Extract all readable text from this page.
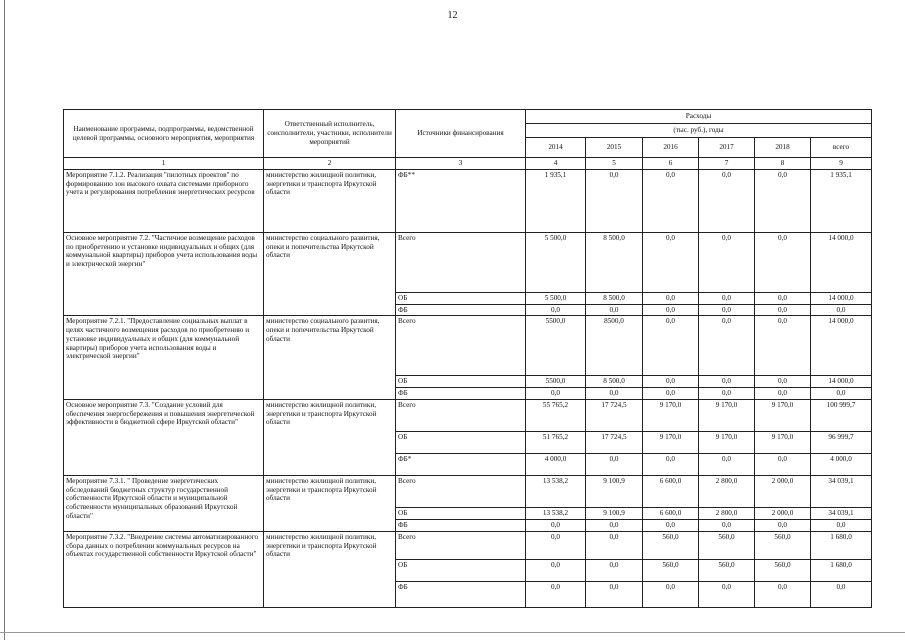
12
Наименование программы, подпрограммы, ведомственной целевой программы, основного мероприятия, мероприятия	Ответственный исполнитель, соисполнители, участники, исполнители мероприятий	Источники финансирования	Расходы					
			(тыс. руб.), годы					
			2014	2015	2016	2017	2018	всего
1	2	3	4	5	6	7	8	9
Мероприятие 7.1.2. Реализация "пилотных проектов" по формированию зон высокого охвата системами приборного учета и регулирования потребления энергетических ресурсов	министерство жилищной политики, энергетики и транспорта Иркутской области	ФБ**	1 935,1	0,0	0,0	0,0	0,0	1 935,1
Основное мероприятие 7.2. "Частичное возмещение расходов по приобретению и установке индивидуальных и общих (для коммунальной квартиры) приборов учета использования воды и электрической энергии"	министерство социального развития, опеки и попечительства Иркутской области	Всего	5 500,0	8 500,0	0,0	0,0	0,0	14 000,0
		ОБ	5 500,0	8 500,0	0,0	0,0	0,0	14 000,0
		ФБ	0,0	0,0	0,0	0,0	0,0	0,0
Мероприятие 7.2.1. "Предоставление социальных выплат в целях частичного возмещения расходов по приобретению и установке индивидуальных и общих (для коммунальной квартиры) приборов учета использования воды и электрической энергии"	министерство социального развития, опеки и попечительства Иркутской области	Всего	5500,0	8500,0	0,0	0,0	0,0	14 000,0
		ОБ	5500,0	8 500,0	0,0	0,0	0,0	14 000,0
		ФБ	0,0	0,0	0,0	0,0	0,0	0,0
Основное мероприятие 7.3. "Создание условий для обеспечения энергосбережения и повышения энергетической эффективности в бюджетной сфере Иркутской области"	министерство жилищной политики, энергетики и транспорта Иркутской области	Всего	55 765,2	17 724,5	9 170,0	9 170,0	9 170,0	100 999,7
		ОБ	51 765,2	17 724,5	9 170,0	9 170,0	9 170,0	96 999,7
		ФБ*	4 000,0	0,0	0,0	0,0	0,0	4 000,0
Мероприятие 7.3.1. " Проведение энергетических обследований бюджетных структур государственной собственности Иркутской области и муниципальной собственности муниципальных образований Иркутской области"	министерство жилищной политики, энергетики и транспорта Иркутской области	Всего	13 538,2	9 100,9	6 600,0	2 800,0	2 000,0	34 039,1
		ОБ	13 538,2	9 100,9	6 600,0	2 800,0	2 000,0	34 039,1
		ФБ	0,0	0,0	0,0	0,0	0,0	0,0
Мероприятие 7.3.2. "Внедрение системы автоматизированного сбора данных о потреблении коммунальных ресурсов на объектах государственной собственности Иркутской области"	министерство жилищной политики, энергетики и транспорта Иркутской области	Всего	0,0	0,0	560,0	560,0	560,0	1 680,0
		ОБ	0,0	0,0	560,0	560,0	560,0	1 680,0
		ФБ	0,0	0,0	0,0	0,0	0,0	0,0
